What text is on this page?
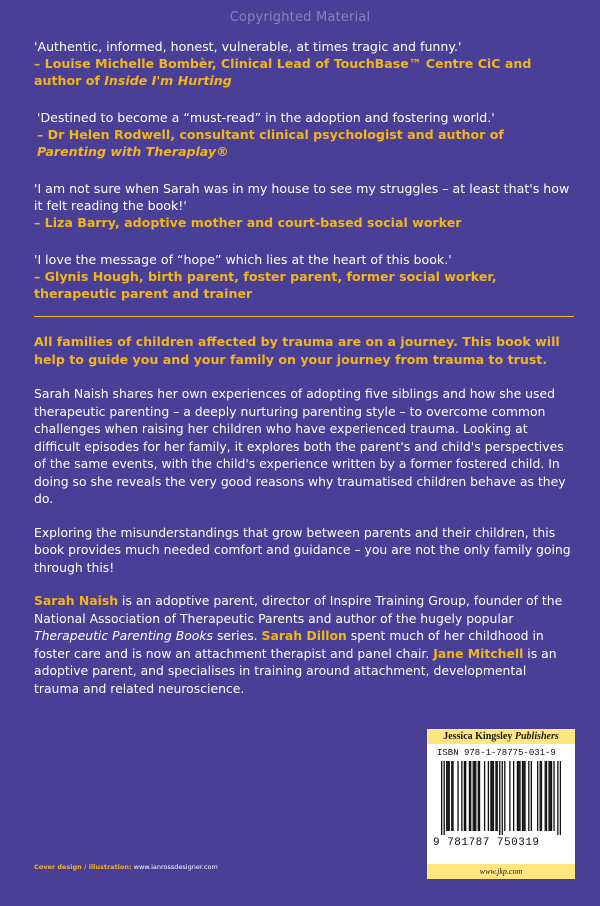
Copyrighted Material

'Authentic, informed, honest, vulnerable, at times tragic and funny.'
– Louise Michelle Bombèr, Clinical Lead of TouchBase™ Centre CiC and author of Inside I'm Hurting

'Destined to become a “must-read” in the adoption and fostering world.'
– Dr Helen Rodwell, consultant clinical psychologist and author of Parenting with Theraplay®

'I am not sure when Sarah was in my house to see my struggles – at least that's how it felt reading the book!'
– Liza Barry, adoptive mother and court-based social worker

'I love the message of “hope” which lies at the heart of this book.'
– Glynis Hough, birth parent, foster parent, former social worker, therapeutic parent and trainer

All families of children affected by trauma are on a journey. This book will help to guide you and your family on your journey from trauma to trust.

Sarah Naish shares her own experiences of adopting five siblings and how she used therapeutic parenting – a deeply nurturing parenting style – to overcome common challenges when raising her children who have experienced trauma. Looking at difficult episodes for her family, it explores both the parent's and child's perspectives of the same events, with the child's experience written by a former fostered child. In doing so she reveals the very good reasons why traumatised children behave as they do.

Exploring the misunderstandings that grow between parents and their children, this book provides much needed comfort and guidance – you are not the only family going through this!

Sarah Naish is an adoptive parent, director of Inspire Training Group, founder of the National Association of Therapeutic Parents and author of the hugely popular Therapeutic Parenting Books series. Sarah Dillon spent much of her childhood in foster care and is now an attachment therapist and panel chair. Jane Mitchell is an adoptive parent, and specialises in training around attachment, developmental trauma and related neuroscience.

Cover design / illustration: www.ianrossdesigner.com
Jessica Kingsley Publishers
ISBN 978-1-78775-031-9
9 781787 750319
www.jkp.com
